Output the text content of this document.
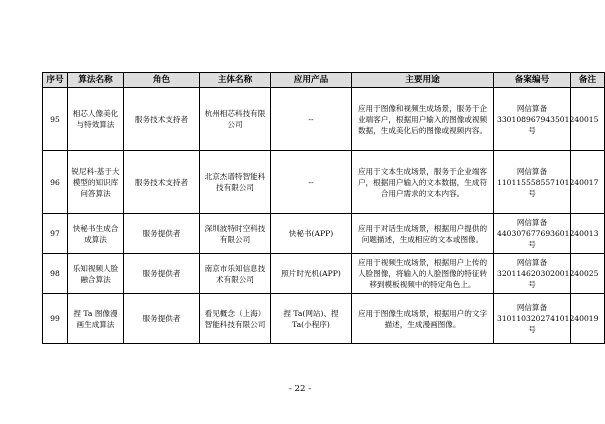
序号	算法名称	角色	主体名称	应用产品	主要用途	备案编号	备注
95	相芯人像美化与特效算法	服务技术支持者	杭州相芯科技有限公司	--	应用于图像和视频生成场景，服务于企业端客户，根据用户输入的图像或视频数据，生成美化后的图像或视频内容。	网信算备 330108967943501240015 号	
96	锐尼科-基于大模型的知识库问答算法	服务技术支持者	北京杰谱特智能科技有限公司	--	应用于文本生成场景，服务于企业端客户，根据用户输入的文本数据，生成符合用户需求的文本内容。	网信算备 110115558557101240017 号	
97	快秘书生成合成算法	服务提供者	深圳波特时空科技有限公司	快秘书(APP)	应用于对话生成场景，根据用户提供的问题描述，生成相应的文本或图像。	网信算备 440307677693601240013 号	
98	乐知视频人脸融合算法	服务提供者	南京市乐知信息技术有限公司	照片时光机(APP)	应用于视频生成场景，根据用户上传的人脸图像，将输入的人脸图像的特征转移到模板视频中的特定角色上。	网信算备 320114620302001240025 号	
99	捏 Ta 图像漫画生成算法	服务提供者	看见概念（上海）智能科技有限公司	捏 Ta(网站)、捏 Ta(小程序)	应用于图像生成场景，根据用户的文字描述，生成漫画图像。	网信算备 310110320274101240019 号	
- 22 -
